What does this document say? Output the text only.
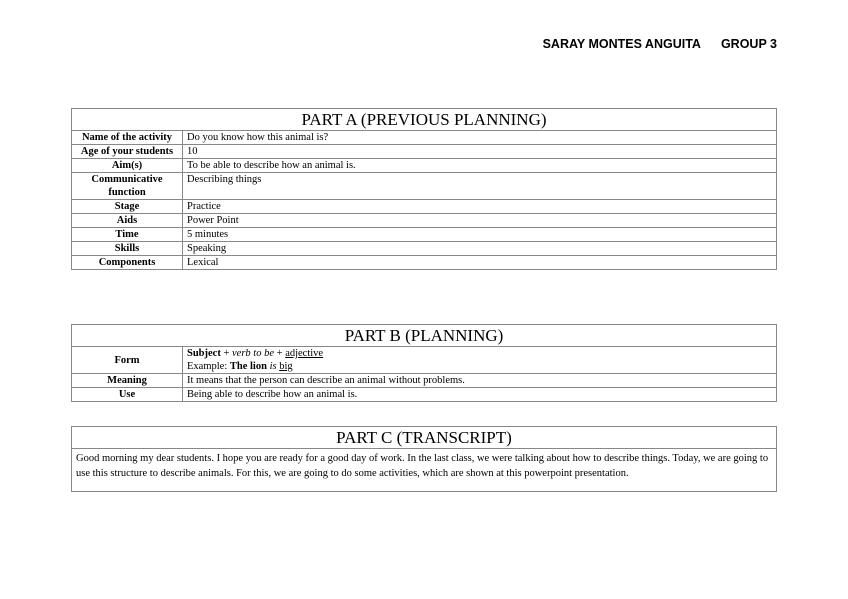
SARAY MONTES ANGUITA GROUP 3
PART A (PREVIOUS PLANNING)	
Name of the activity	Do you know how this animal is?
Age of your students	10
Aim(s)	To be able to describe how an animal is.
Communicative function	Describing things
Stage	Practice
Aids	Power Point
Time	5 minutes
Skills	Speaking
Components	Lexical
PART B (PLANNING)	
Form	Subject + verb to be + adjective
Example: The lion is big

Meaning	It means that the person can describe an animal without problems.
Use	Being able to describe how an animal is.
PART C (TRANSCRIPT)
Good morning my dear students. I hope you are ready for a good day of work. In the last class, we were talking about how to describe things. Today, we are going to use this structure to describe animals. For this, we are going to do some activities, which are shown at this powerpoint presentation.
